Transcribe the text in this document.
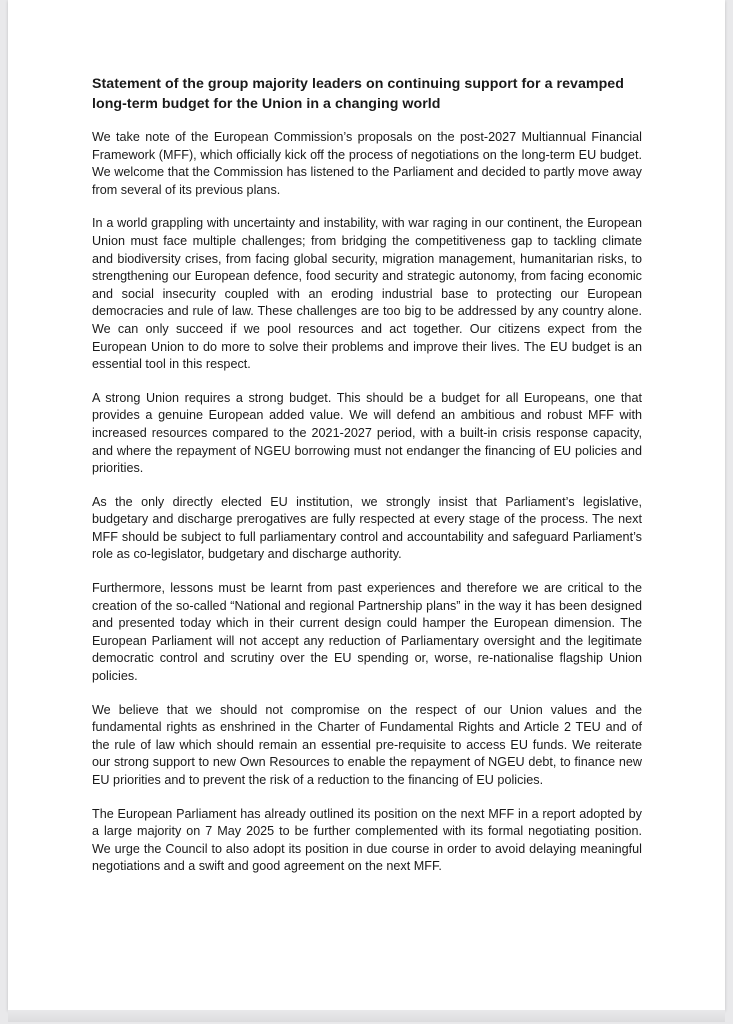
Statement of the group majority leaders on continuing support for a revamped long-term budget for the Union in a changing world

We take note of the European Commission’s proposals on the post-2027 Multiannual Financial Framework (MFF), which officially kick off the process of negotiations on the long-term EU budget. We welcome that the Commission has listened to the Parliament and decided to partly move away from several of its previous plans.

In a world grappling with uncertainty and instability, with war raging in our continent, the European Union must face multiple challenges; from bridging the competitiveness gap to tackling climate and biodiversity crises, from facing global security, migration management, humanitarian risks, to strengthening our European defence, food security and strategic autonomy, from facing economic and social insecurity coupled with an eroding industrial base to protecting our European democracies and rule of law. These challenges are too big to be addressed by any country alone. We can only succeed if we pool resources and act together. Our citizens expect from the European Union to do more to solve their problems and improve their lives. The EU budget is an essential tool in this respect.

A strong Union requires a strong budget. This should be a budget for all Europeans, one that provides a genuine European added value. We will defend an ambitious and robust MFF with increased resources compared to the 2021-2027 period, with a built-in crisis response capacity, and where the repayment of NGEU borrowing must not endanger the financing of EU policies and priorities.

As the only directly elected EU institution, we strongly insist that Parliament’s legislative, budgetary and discharge prerogatives are fully respected at every stage of the process. The next MFF should be subject to full parliamentary control and accountability and safeguard Parliament’s role as co-legislator, budgetary and discharge authority.

Furthermore, lessons must be learnt from past experiences and therefore we are critical to the creation of the so-called “National and regional Partnership plans” in the way it has been designed and presented today which in their current design could hamper the European dimension. The European Parliament will not accept any reduction of Parliamentary oversight and the legitimate democratic control and scrutiny over the EU spending or, worse, re-nationalise flagship Union policies.

We believe that we should not compromise on the respect of our Union values and the fundamental rights as enshrined in the Charter of Fundamental Rights and Article 2 TEU and of the rule of law which should remain an essential pre-requisite to access EU funds. We reiterate our strong support to new Own Resources to enable the repayment of NGEU debt, to finance new EU priorities and to prevent the risk of a reduction to the financing of EU policies.

The European Parliament has already outlined its position on the next MFF in a report adopted by a large majority on 7 May 2025 to be further complemented with its formal negotiating position. We urge the Council to also adopt its position in due course in order to avoid delaying meaningful negotiations and a swift and good agreement on the next MFF.
